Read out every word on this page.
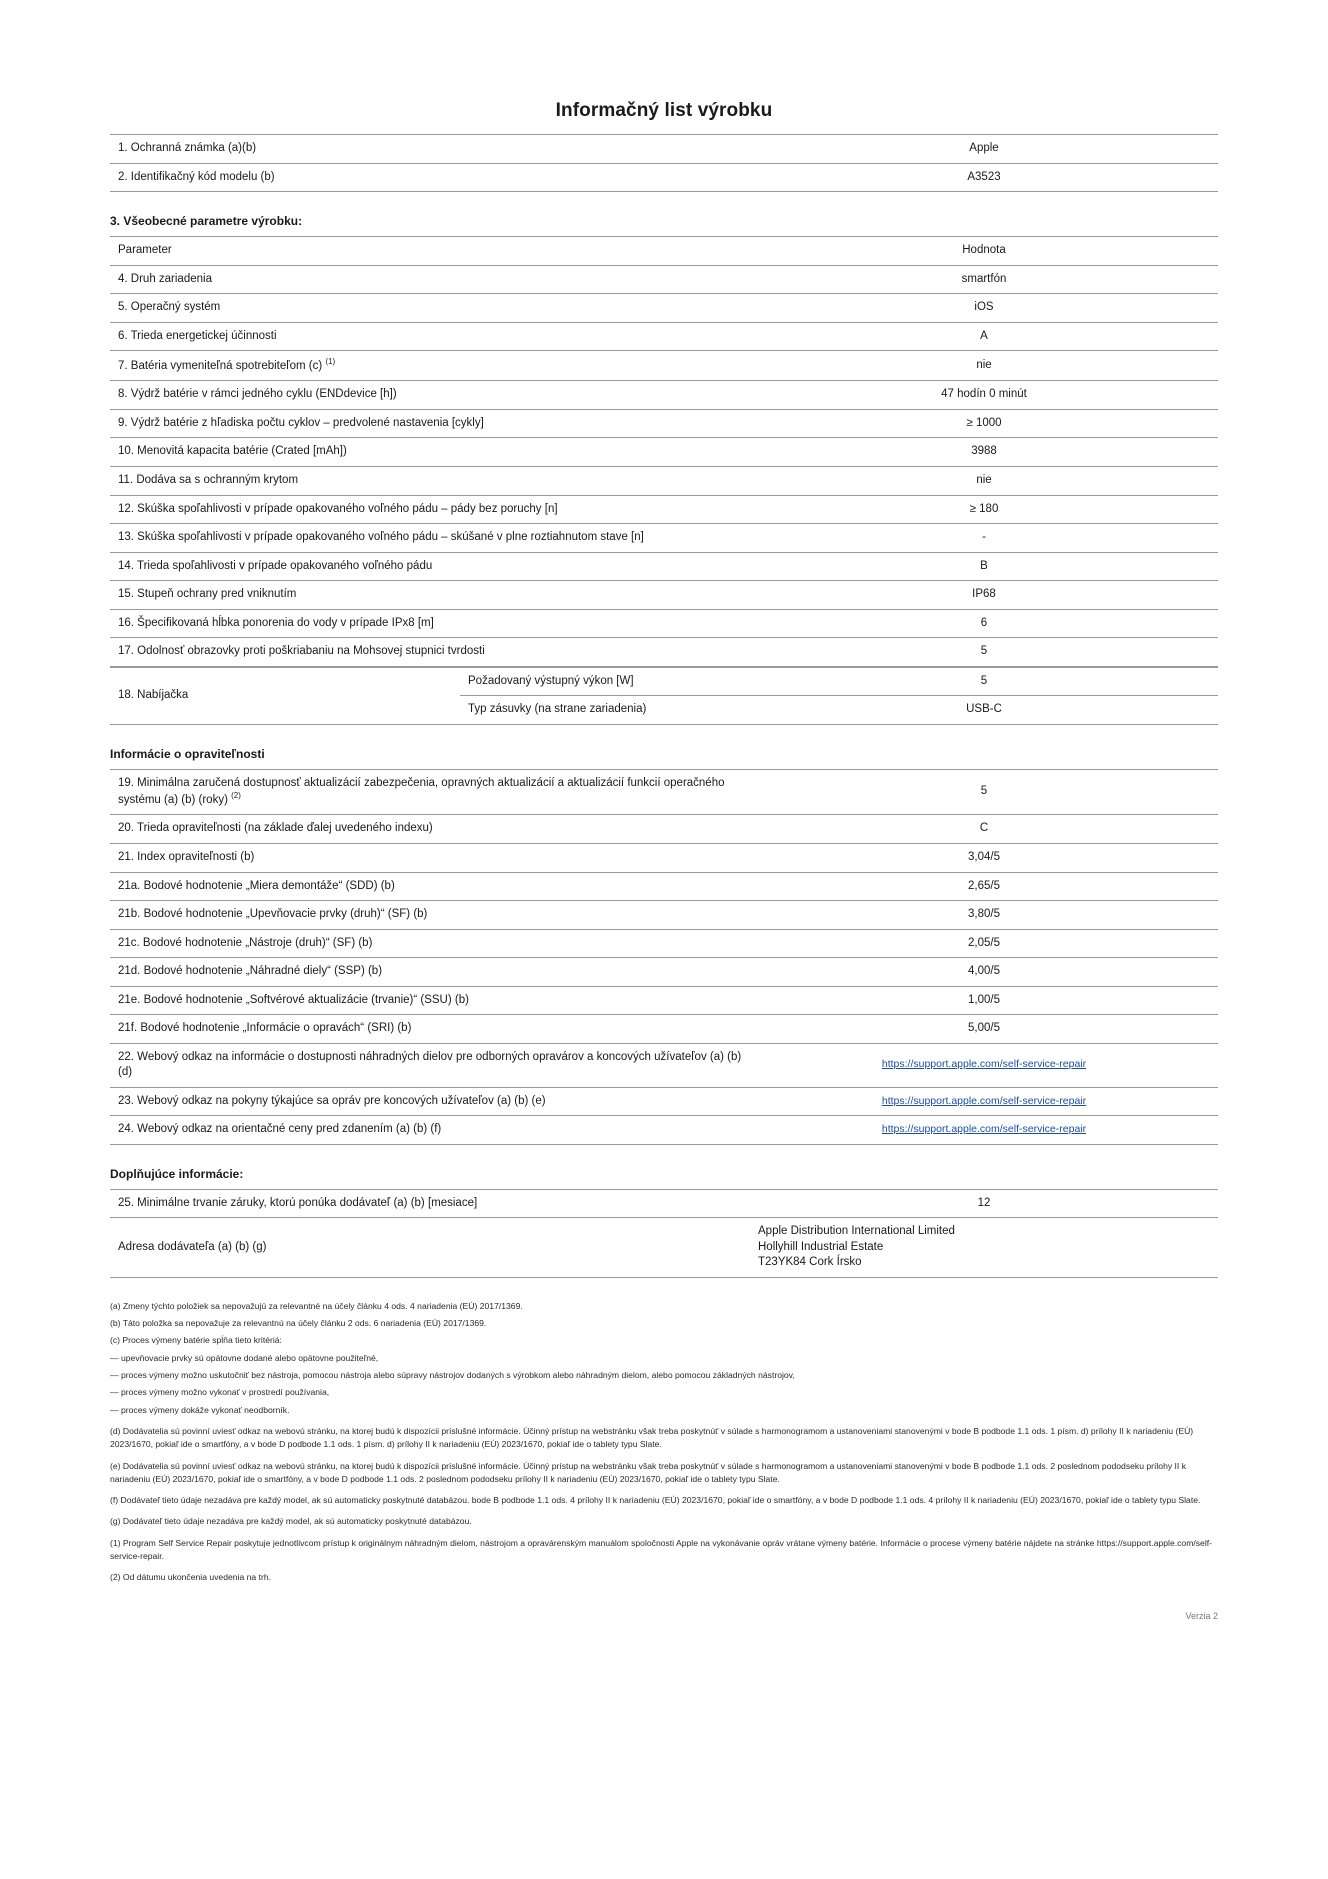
Informačný list výrobku
1. Ochranná známka (a)(b)	Apple
2. Identifikačný kód modelu (b)	A3523
3. Všeobecné parametre výrobku:
Parameter	Hodnota
4. Druh zariadenia	smartfón
5. Operačný systém	iOS
6. Trieda energetickej účinnosti	A
7. Batéria vymeniteľná spotrebiteľom (c) $^{(1)}$	nie
8. Výdrž batérie v rámci jedného cyklu (ENDdevice [h])	47 hodín 0 minút
9. Výdrž batérie z hľadiska počtu cyklov – predvolené nastavenia [cykly]	≥ 1000
10. Menovitá kapacita batérie (Crated [mAh])	3988
11. Dodáva sa s ochranným krytom	nie
12. Skúška spoľahlivosti v prípade opakovaného voľného pádu – pády bez poruchy [n]	≥ 180
13. Skúška spoľahlivosti v prípade opakovaného voľného pádu – skúšané v plne roztiahnutom stave [n]	-
14. Trieda spoľahlivosti v prípade opakovaného voľného pádu	B
15. Stupeň ochrany pred vniknutím	IP68
16. Špecifikovaná hĺbka ponorenia do vody v prípade IPx8 [m]	6
17. Odolnosť obrazovky proti poškriabaniu na Mohsovej stupnici tvrdosti	5
18. Nabíjačka	Požadovaný výstupný výkon [W]	5
	Typ zásuvky (na strane zariadenia)	USB-C
Informácie o opraviteľnosti
19. Minimálna zaručená dostupnosť aktualizácií zabezpečenia, opravných aktualizácií a aktualizácií funkcií operačného systému (a) (b) (roky) $^{(2)}$	5
20. Trieda opraviteľnosti (na základe ďalej uvedeného indexu)	C
21. Index opraviteľnosti (b)	3,04/5
21a. Bodové hodnotenie „Miera demontáže“ (SDD) (b)	2,65/5
21b. Bodové hodnotenie „Upevňovacie prvky (druh)“ (SF) (b)	3,80/5
21c. Bodové hodnotenie „Nástroje (druh)“ (SF) (b)	2,05/5
21d. Bodové hodnotenie „Náhradné diely“ (SSP) (b)	4,00/5
21e. Bodové hodnotenie „Softvérové aktualizácie (trvanie)“ (SSU) (b)	1,00/5
21f. Bodové hodnotenie „Informácie o opravách“ (SRI) (b)	5,00/5
22. Webový odkaz na informácie o dostupnosti náhradných dielov pre odborných opravárov a koncových užívateľov (a) (b) (d)	https://support.apple.com/self-service-repair
23. Webový odkaz na pokyny týkajúce sa opráv pre koncových užívateľov (a) (b) (e)	https://support.apple.com/self-service-repair
24. Webový odkaz na orientačné ceny pred zdanením (a) (b) (f)	https://support.apple.com/self-service-repair
Doplňujúce informácie:
25. Minimálne trvanie záruky, ktorú ponúka dodávateľ (a) (b) [mesiace]	12
Adresa dodávateľa (a) (b) (g)	Apple Distribution International Limited
Hollyhill Industrial Estate
T23YK84 Cork Írsko

(a) Zmeny týchto položiek sa nepovažujú za relevantné na účely článku 4 ods. 4 nariadenia (EÚ) 2017/1369.

(b) Táto položka sa nepovažuje za relevantnú na účely článku 2 ods. 6 nariadenia (EÚ) 2017/1369.

(c) Proces výmeny batérie spĺňa tieto kritériá:

— upevňovacie prvky sú opätovne dodané alebo opätovne použiteľné,

— proces výmeny možno uskutočniť bez nástroja, pomocou nástroja alebo súpravy nástrojov dodaných s výrobkom alebo náhradným dielom, alebo pomocou základných nástrojov,

— proces výmeny možno vykonať v prostredí používania,

— proces výmeny dokáže vykonať neodborník.

(d) Dodávatelia sú povinní uviesť odkaz na webovú stránku, na ktorej budú k dispozícii príslušné informácie. Účinný prístup na webstránku však treba poskytnúť v súlade s harmonogramom a ustanoveniami stanovenými v bode B podbode 1.1 ods. 1 písm. d) prílohy II k nariadeniu (EÚ) 2023/1670, pokiaľ ide o smartfóny, a v bode D podbode 1.1 ods. 1 písm. d) prílohy II k nariadeniu (EÚ) 2023/1670, pokiaľ ide o tablety typu Slate.

(e) Dodávatelia sú povinní uviesť odkaz na webovú stránku, na ktorej budú k dispozícii príslušné informácie. Účinný prístup na webstránku však treba poskytnúť v súlade s harmonogramom a ustanoveniami stanovenými v bode B podbode 1.1 ods. 2 poslednom pododseku prílohy II k nariadeniu (EÚ) 2023/1670, pokiaľ ide o smartfóny, a v bode D podbode 1.1 ods. 2 poslednom pododseku prílohy II k nariadeniu (EÚ) 2023/1670, pokiaľ ide o tablety typu Slate.

(f) Dodávateľ tieto údaje nezadáva pre každý model, ak sú automaticky poskytnuté databázou. bode B podbode 1.1 ods. 4 prílohy II k nariadeniu (EÚ) 2023/1670, pokiaľ ide o smartfóny, a v bode D podbode 1.1 ods. 4 prílohy II k nariadeniu (EÚ) 2023/1670, pokiaľ ide o tablety typu Slate.

(g) Dodávateľ tieto údaje nezadáva pre každý model, ak sú automaticky poskytnuté databázou.

(1) Program Self Service Repair poskytuje jednotlivcom prístup k originálnym náhradným dielom, nástrojom a opravárenským manuálom spoločnosti Apple na vykonávanie opráv vrátane výmeny batérie. Informácie o procese výmeny batérie nájdete na stránke https://support.apple.com/self-service-repair.

(2) Od dátumu ukončenia uvedenia na trh.

Verzia 2
